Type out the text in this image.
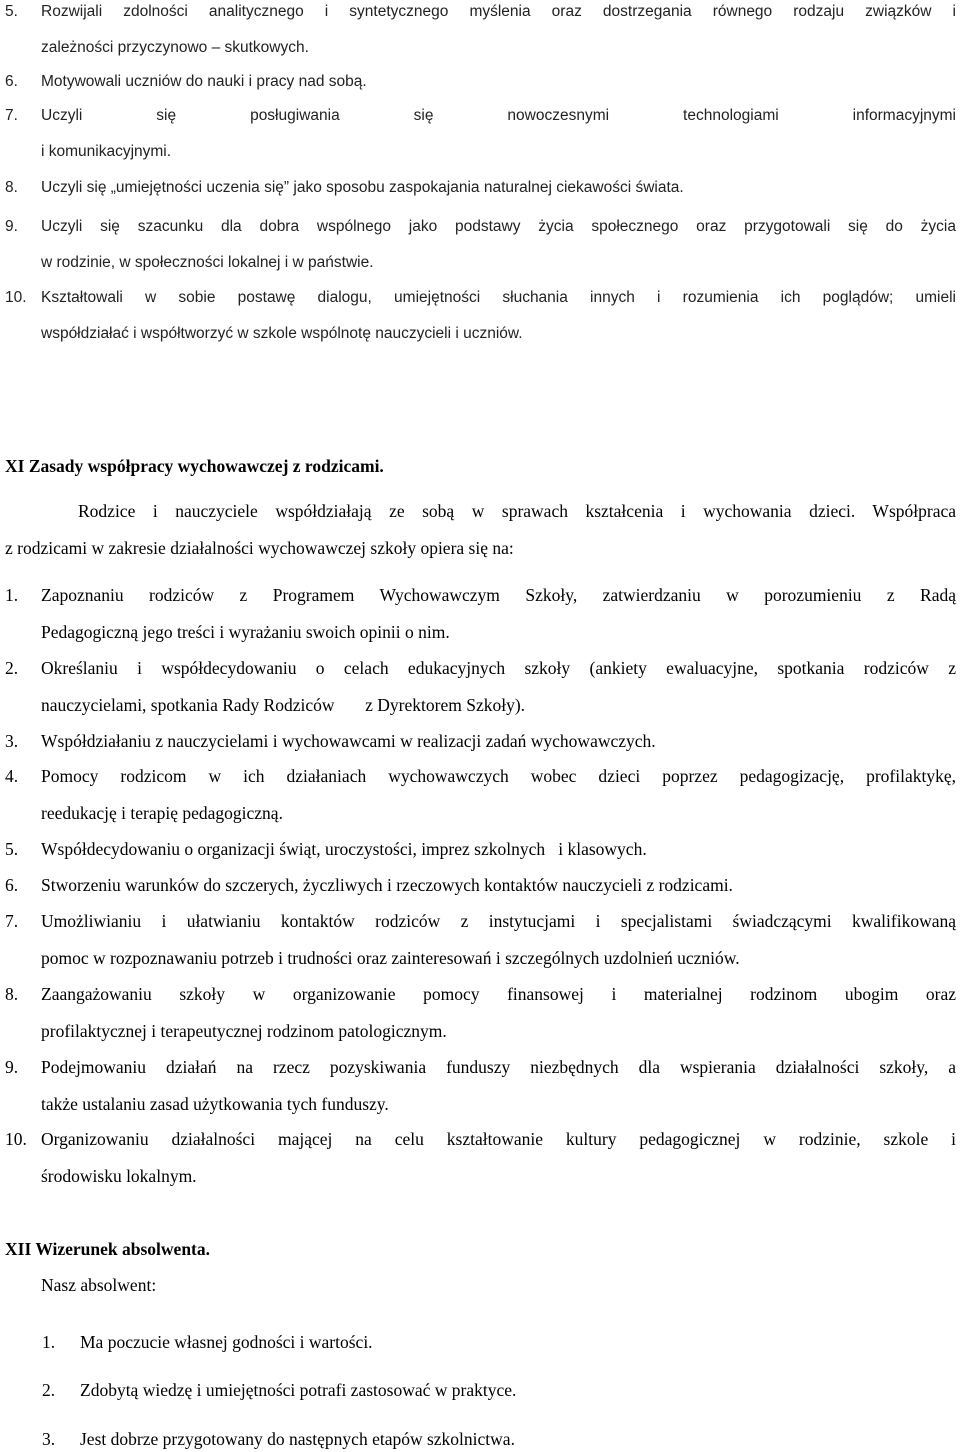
5. Rozwijali zdolności analitycznego i syntetycznego myślenia oraz dostrzegania równego rodzaju związków i
zależności przyczynowo – skutkowych.
6. Motywowali uczniów do nauki i pracy nad sobą.
7. Uczyli się posługiwania się nowoczesnymi technologiami informacyjnymi
i komunikacyjnymi.
8. Uczyli się „umiejętności uczenia się” jako sposobu zaspokajania naturalnej ciekawości świata.
9. Uczyli się szacunku dla dobra wspólnego jako podstawy życia społecznego oraz przygotowali się do życia
w rodzinie, w społeczności lokalnej i w państwie.
10. Kształtowali w sobie postawę dialogu, umiejętności słuchania innych i rozumienia ich poglądów; umieli
współdziałać i współtworzyć w szkole wspólnotę nauczycieli i uczniów.
XI Zasady współpracy wychowawczej z rodzicami.
Rodzice i nauczyciele współdziałają ze sobą w sprawach kształcenia i wychowania dzieci. Współpraca
z rodzicami w zakresie działalności wychowawczej szkoły opiera się na:
1. Zapoznaniu rodziców z Programem Wychowawczym Szkoły, zatwierdzaniu w porozumieniu z Radą
Pedagogiczną jego treści i wyrażaniu swoich opinii o nim.
2. Określaniu i współdecydowaniu o celach edukacyjnych szkoły (ankiety ewaluacyjne, spotkania rodziców z
nauczycielami, spotkania Rady Rodziców       z Dyrektorem Szkoły).
3. Współdziałaniu z nauczycielami i wychowawcami w realizacji zadań wychowawczych.
4. Pomocy rodzicom w ich działaniach wychowawczych wobec dzieci poprzez pedagogizację, profilaktykę,
reedukację i terapię pedagogiczną.
5. Współdecydowaniu o organizacji świąt, uroczystości, imprez szkolnych   i klasowych.
6. Stworzeniu warunków do szczerych, życzliwych i rzeczowych kontaktów nauczycieli z rodzicami.
7. Umożliwianiu i ułatwianiu kontaktów rodziców z instytucjami i specjalistami świadczącymi kwalifikowaną
pomoc w rozpoznawaniu potrzeb i trudności oraz zainteresowań i szczególnych uzdolnień uczniów.
8. Zaangażowaniu szkoły w organizowanie pomocy finansowej i materialnej rodzinom ubogim oraz
profilaktycznej i terapeutycznej rodzinom patologicznym.
9. Podejmowaniu działań na rzecz pozyskiwania funduszy niezbędnych dla wspierania działalności szkoły, a
także ustalaniu zasad użytkowania tych funduszy.
10. Organizowaniu działalności mającej na celu kształtowanie kultury pedagogicznej w rodzinie, szkole i
środowisku lokalnym.
XII Wizerunek absolwenta.
Nasz absolwent:
1. Ma poczucie własnej godności i wartości.
2. Zdobytą wiedzę i umiejętności potrafi zastosować w praktyce.
3. Jest dobrze przygotowany do następnych etapów szkolnictwa.
